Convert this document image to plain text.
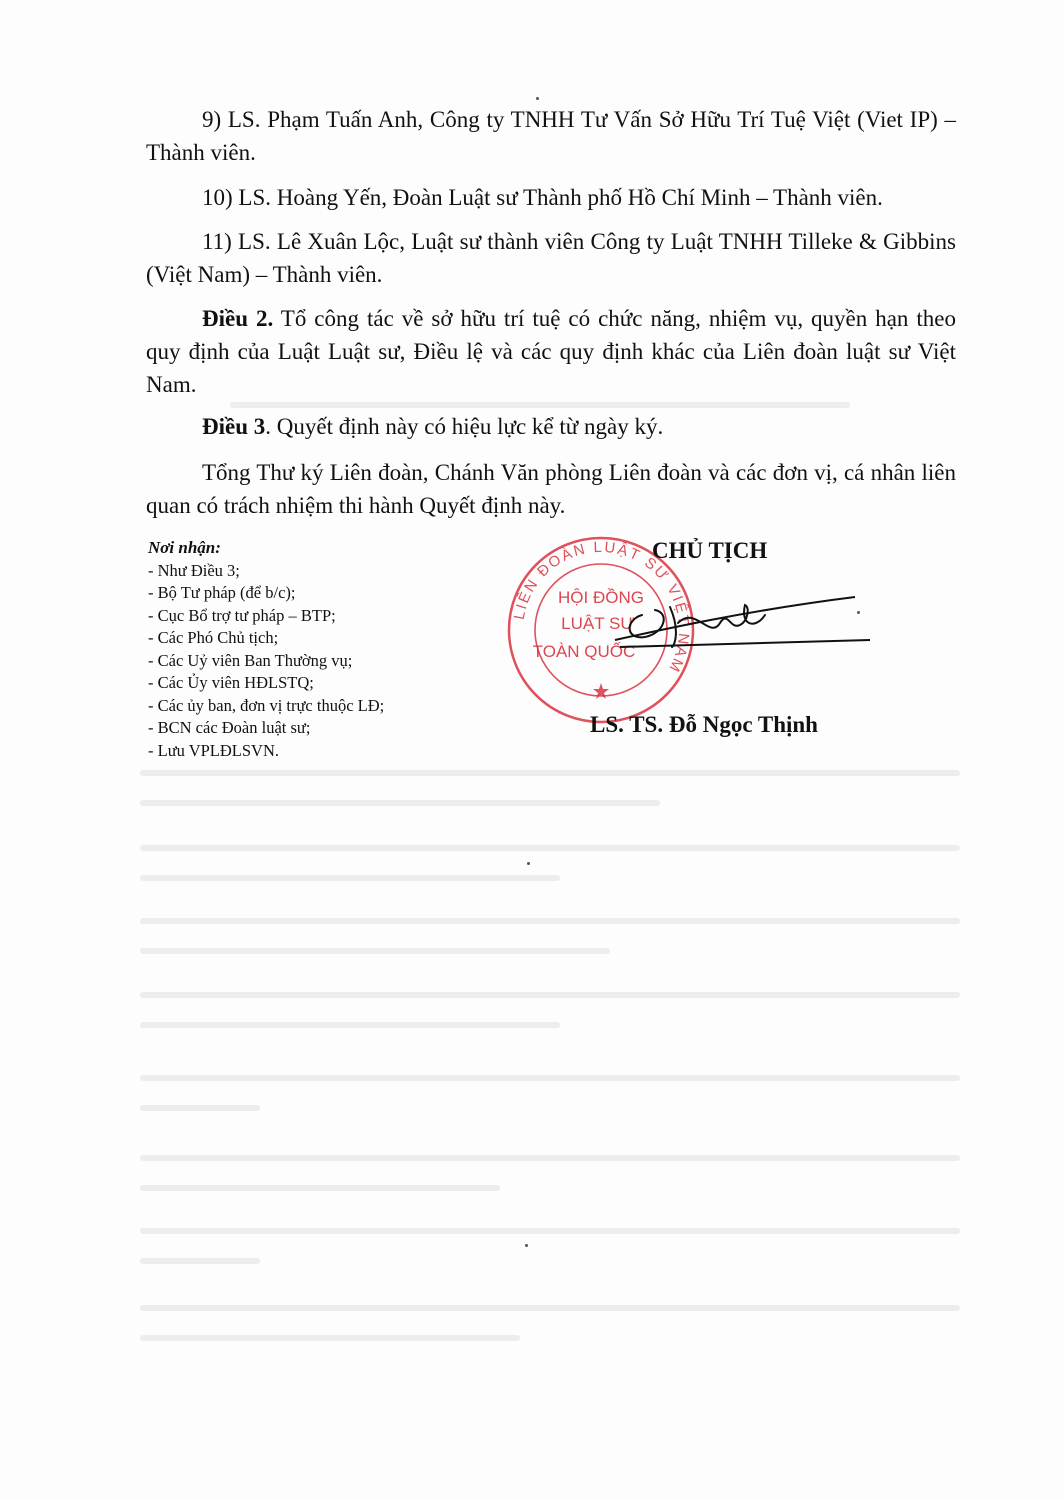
9) LS. Phạm Tuấn Anh, Công ty TNHH Tư Vấn Sở Hữu Trí Tuệ Việt (Viet IP) – Thành viên.

10) LS. Hoàng Yến, Đoàn Luật sư Thành phố Hồ Chí Minh – Thành viên.

11) LS. Lê Xuân Lộc, Luật sư thành viên Công ty Luật TNHH Tilleke & Gibbins (Việt Nam) – Thành viên.

Điều 2. Tổ công tác về sở hữu trí tuệ có chức năng, nhiệm vụ, quyền hạn theo quy định của Luật Luật sư, Điều lệ và các quy định khác của Liên đoàn luật sư Việt Nam.

Điều 3. Quyết định này có hiệu lực kể từ ngày ký.

Tổng Thư ký Liên đoàn, Chánh Văn phòng Liên đoàn và các đơn vị, cá nhân liên quan có trách nhiệm thi hành Quyết định này.

Nơi nhận:
- Như Điều 3;
- Bộ Tư pháp (để b/c);
- Cục Bổ trợ tư pháp – BTP;
- Các Phó Chủ tịch;
- Các Uỷ viên Ban Thường vụ;
- Các Ủy viên HĐLSTQ;
- Các ủy ban, đơn vị trực thuộc LĐ;
- BCN các Đoàn luật sư;
- Lưu VPLĐLSVN.
LIÊN ĐOÀN LUẬT SƯ VIỆT NAM
HỘI ĐỒNG
LUẬT SƯ
TOÀN QUỐC
CHỦ TỊCH
LS. TS. Đỗ Ngọc Thịnh
